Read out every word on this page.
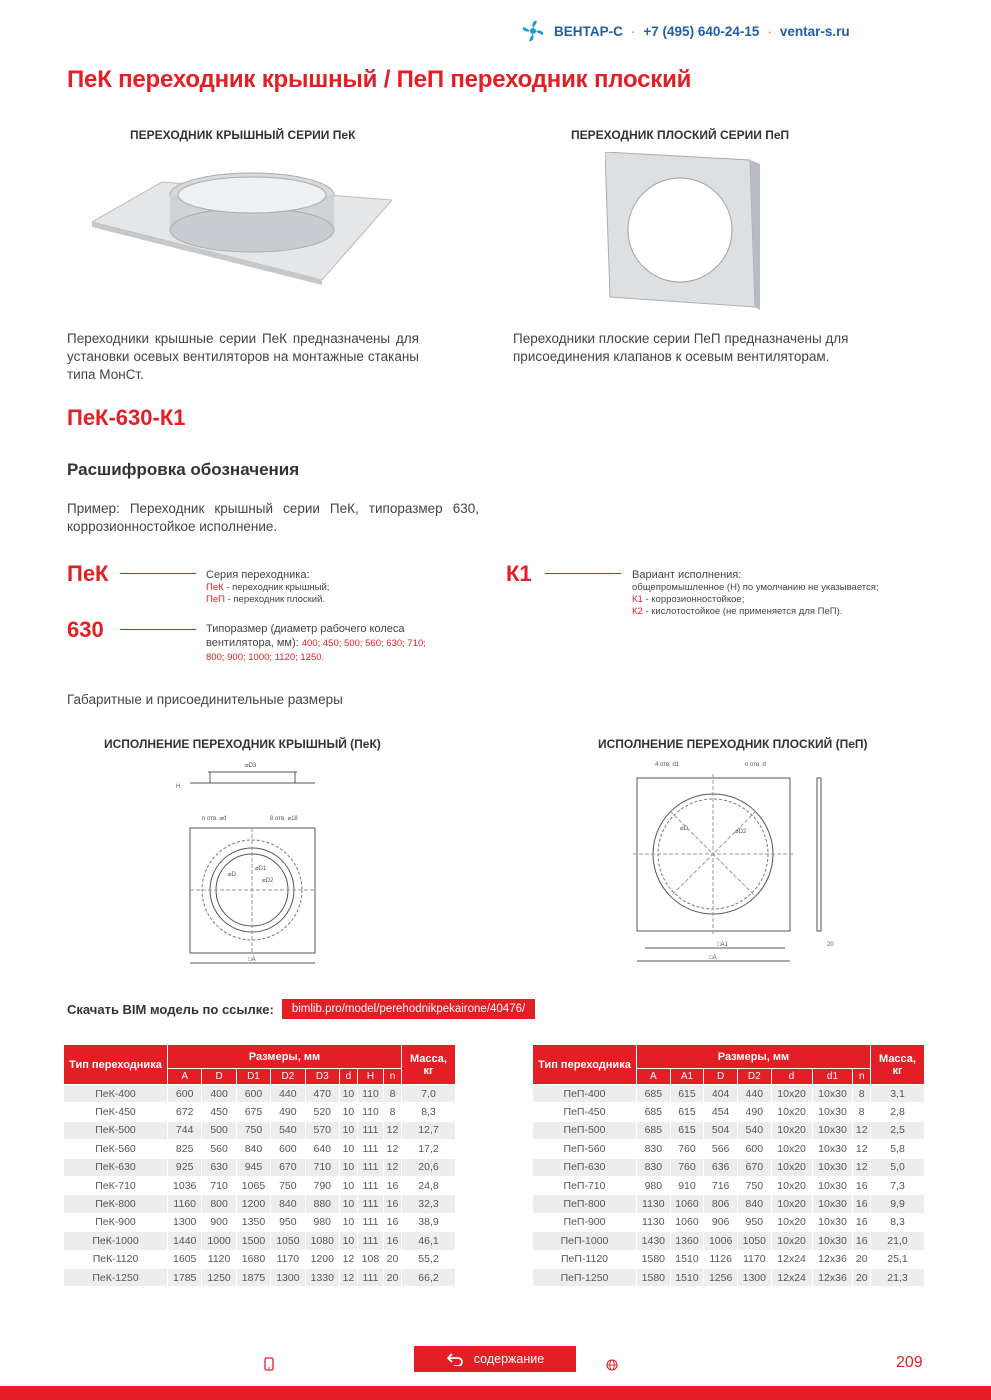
ВЕНТАР-С · +7 (495) 640-24-15 · ventar-s.ru
ПеК переходник крышный / ПеП переходник плоский
ПЕРЕХОДНИК КРЫШНЫЙ СЕРИИ ПеК	ПЕРЕХОДНИК ПЛОСКИЙ СЕРИИ ПеП
Переходники крышные серии ПеК предназначены для установки осевых вентиляторов на монтажные стаканы типа МонСт.
Переходники плоские серии ПеП предназначены для присоединения клапанов к осевым вентиляторам.
ПеК-630-К1
Расшифровка обозначения
Пример: Переходник крышный серии ПеК, типоразмер 630, коррозионностойкое исполнение.
ПеК	Серия переходника:
ПеК - переходник крышный;
ПеП - переходник плоский.
630	Типоразмер (диаметр рабочего колеса вентилятора, мм): 400; 450; 500; 560; 630; 710; 800; 900; 1000; 1120; 1250.
К1	Вариант исполнения:
общепромышленное (Н) по умолчанию не указывается;
К1 - коррозионностойкое;
К2 - кислотостойкое (не применяется для ПеП).
Габаритные и присоединительные размеры
ИСПОЛНЕНИЕ ПЕРЕХОДНИК КРЫШНЫЙ (ПеК)	ИСПОЛНЕНИЕ ПЕРЕХОДНИК ПЛОСКИЙ (ПеП)
⌀D3
H
n отв. ⌀d	8 отв. ⌀18
⌀D
⌀D1
⌀D2
□A
4 отв. d1	n отв. d
⌀D	⌀D2
□A1
□A
20
Скачать BIM модель по ссылке:	bimlib.pro/model/perehodnikpekairone/40476/
Тип переходника	Размеры, мм								Масса, кг
	A	D	D1	D2	D3	d	H	n	
ПеК-400	600	400	600	440	470	10	110	8	7,0
ПеК-450	672	450	675	490	520	10	110	8	8,3
ПеК-500	744	500	750	540	570	10	111	12	12,7
ПеК-560	825	560	840	600	640	10	111	12	17,2
ПеК-630	925	630	945	670	710	10	111	12	20,6
ПеК-710	1036	710	1065	750	790	10	111	16	24,8
ПеК-800	1160	800	1200	840	880	10	111	16	32,3
ПеК-900	1300	900	1350	950	980	10	111	16	38,9
ПеК-1000	1440	1000	1500	1050	1080	10	111	16	46,1
ПеК-1120	1605	1120	1680	1170	1200	12	108	20	55,2
ПеК-1250	1785	1250	1875	1300	1330	12	111	20	66,2
Тип переходника	Размеры, мм							Масса, кг
	A	A1	D	D2	d	d1	n	
ПеП-400	685	615	404	440	10х20	10х30	8	3,1
ПеП-450	685	615	454	490	10х20	10х30	8	2,8
ПеП-500	685	615	504	540	10х20	10х30	12	2,5
ПеП-560	830	760	566	600	10х20	10х30	12	5,8
ПеП-630	830	760	636	670	10х20	10х30	12	5,0
ПеП-710	980	910	716	750	10х20	10х30	16	7,3
ПеП-800	1130	1060	806	840	10х20	10х30	16	9,9
ПеП-900	1130	1060	906	950	10х20	10х30	16	8,3
ПеП-1000	1430	1360	1006	1050	10х20	10х30	16	21,0
ПеП-1120	1580	1510	1126	1170	12х24	12х36	20	25,1
ПеП-1250	1580	1510	1256	1300	12х24	12х36	20	21,3
содержание	209
